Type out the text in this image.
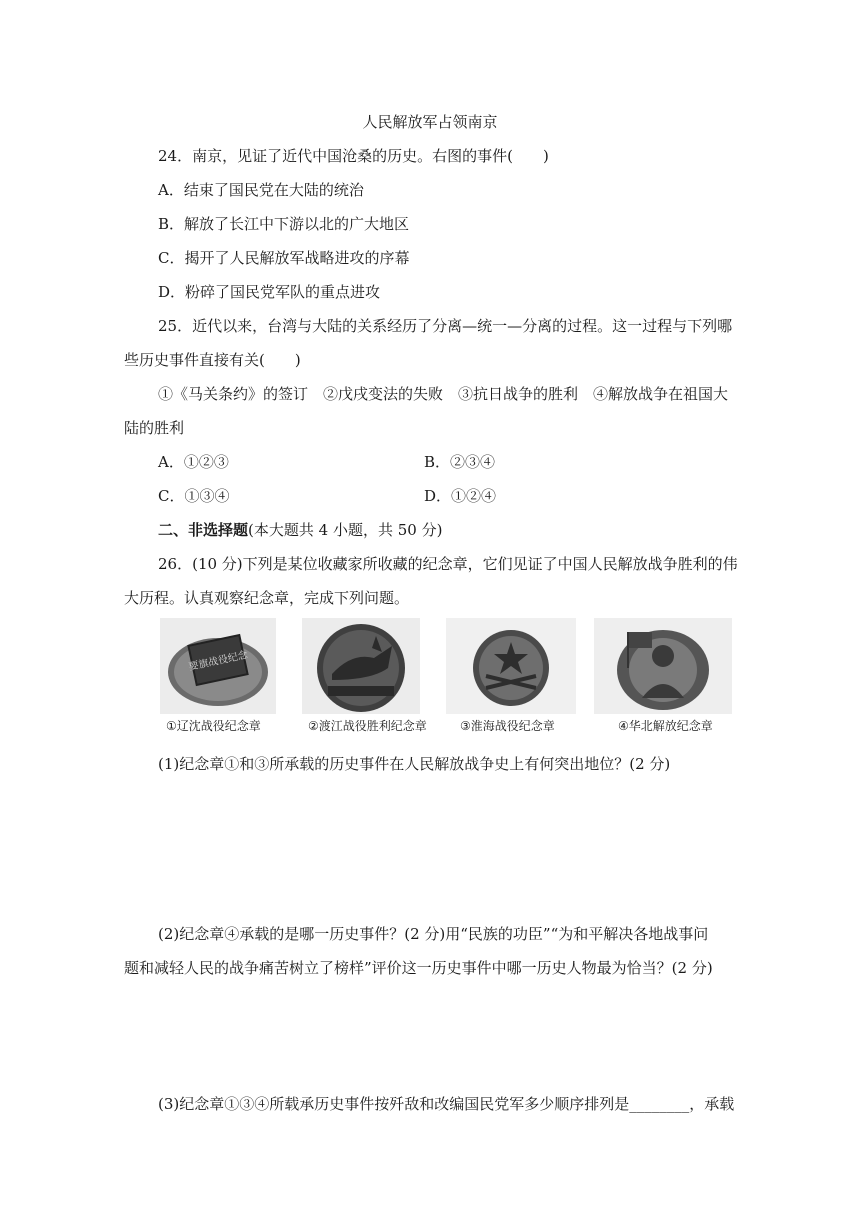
人民解放军占领南京
24．南京，见证了近代中国沧桑的历史。右图的事件(　　)
A．结束了国民党在大陆的统治
B．解放了长江中下游以北的广大地区
C．揭开了人民解放军战略进攻的序幕
D．粉碎了国民党军队的重点进攻
25．近代以来，台湾与大陆的关系经历了分离—统一—分离的过程。这一过程与下列哪
些历史事件直接有关(　　)
①《马关条约》的签订　②戊戌变法的失败　③抗日战争的胜利　④解放战争在祖国大
陆的胜利
A．①②③	B．②③④
C．①③④	D．①②④
二、非选择题(本大题共 4 小题，共 50 分)
26．(10 分)下列是某位收藏家所收藏的纪念章，它们见证了中国人民解放战争胜利的伟
大历程。认真观察纪念章，完成下列问题。
要旗战役纪念
①辽沈战役纪念章	②渡江战役胜利纪念章	③淮海战役纪念章	④华北解放纪念章
(1)纪念章①和③所承载的历史事件在人民解放战争史上有何突出地位？(2 分)
(2)纪念章④承载的是哪一历史事件？(2 分)用“民族的功臣”“为和平解决各地战事问
题和减轻人民的战争痛苦树立了榜样”评价这一历史事件中哪一历史人物最为恰当？(2 分)
(3)纪念章①③④所载承历史事件按歼敌和改编国民党军多少顺序排列是________，承载
